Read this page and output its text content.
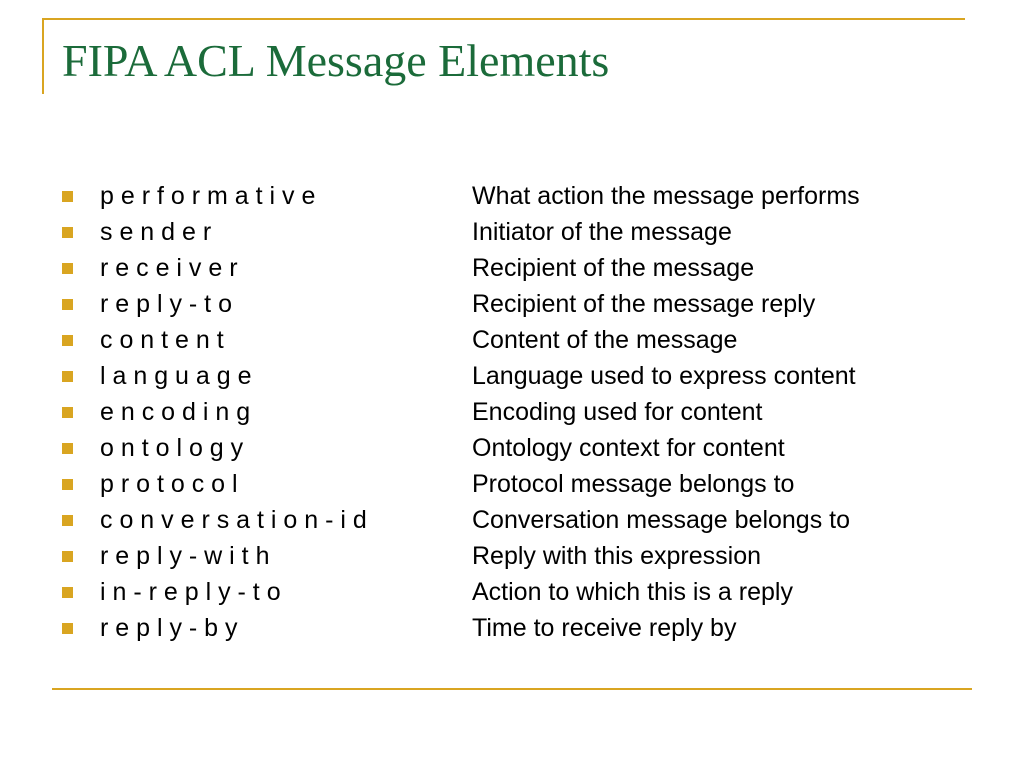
FIPA ACL Message Elements
p e r f o r m a t i v e	What action the message performs
s e n d e r	Initiator of the message
r e c e i v e r	Recipient of the message
r e p l y - t o	Recipient of the message reply
c o n t e n t	Content of the message
l a n g u a g e	Language used to express content
e n c o d i n g	Encoding used for content
o n t o l o g y	Ontology context for content
p r o t o c o l	Protocol message belongs to
c o n v e r s a t i o n - i d	Conversation message belongs to
r e p l y - w i t h	Reply with this expression
i n - r e p l y - t o	Action to which this is a reply
r e p l y - b y	Time to receive reply by
